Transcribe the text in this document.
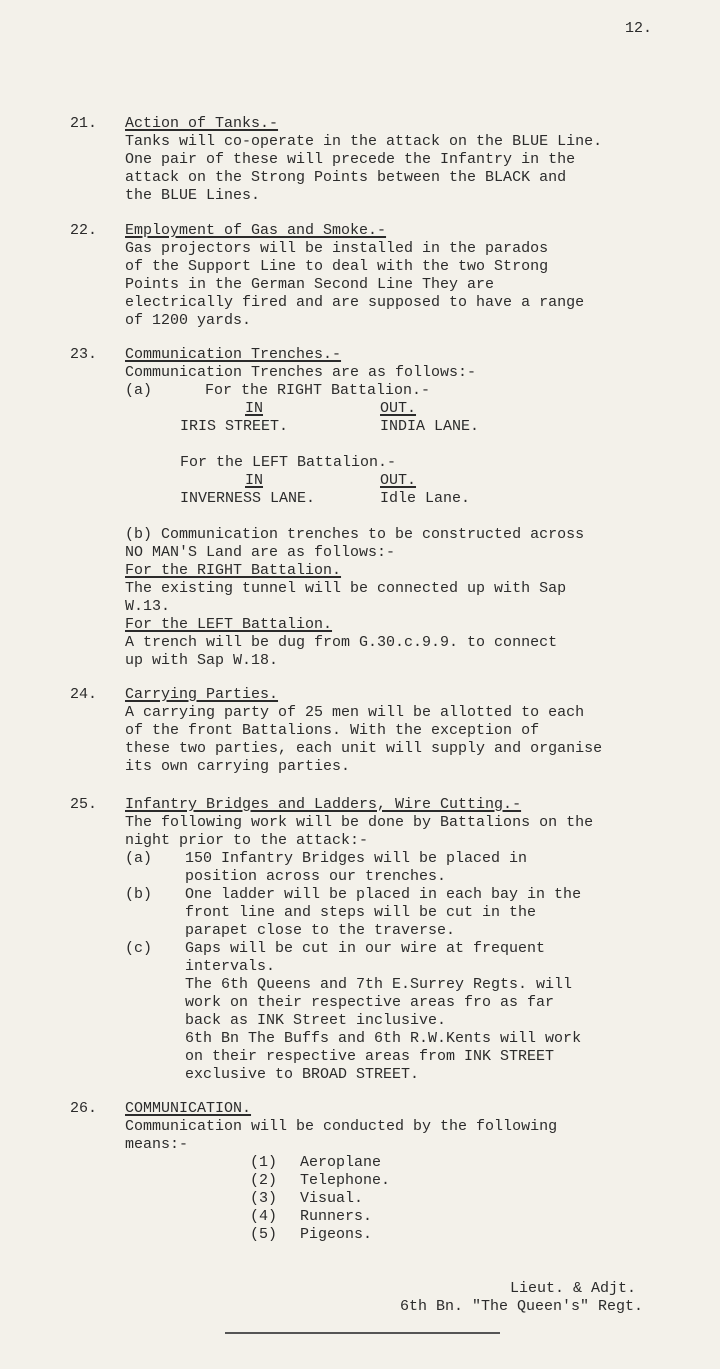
12.
21. Action of Tanks.-
Tanks will co-operate in the attack on the BLUE Line.
One pair of these will precede the Infantry in the
attack on the Strong Points between the BLACK and
the BLUE Lines.
22. Employment of Gas and Smoke.-
Gas projectors will be installed in the parados
of the Support Line to deal with the two Strong
Points in the German Second Line They are
electrically fired and are supposed to have a range
of 1200 yards.
23. Communication Trenches.-
Communication Trenches are as follows:-
(a)	For the RIGHT Battalion.-
IN	OUT.
IRIS STREET.	INDIA LANE.
For the LEFT Battalion.-
IN	OUT.
INVERNESS LANE.	Idle Lane.
(b) Communication trenches to be constructed across
NO MAN'S Land are as follows:-
For the RIGHT Battalion.
The existing tunnel will be connected up with Sap
W.13.
For the LEFT Battalion.
A trench will be dug from G.30.c.9.9. to connect
up with Sap W.18.
24. Carrying Parties.
A carrying party of 25 men will be allotted to each
of the front Battalions. With the exception of
these two parties, each unit will supply and organise
its own carrying parties.
25. Infantry Bridges and Ladders, Wire Cutting.-
The following work will be done by Battalions on the
night prior to the attack:-
(a)	150 Infantry Bridges will be placed in
position across our trenches.
(b)	One ladder will be placed in each bay in the
front line and steps will be cut in the
parapet close to the traverse.
(c)	Gaps will be cut in our wire at frequent
intervals.
The 6th Queens and 7th E.Surrey Regts. will
work on their respective areas fro as far
back as INK Street inclusive.
6th Bn The Buffs and 6th R.W.Kents will work
on their respective areas from INK STREET
exclusive to BROAD STREET.
26. COMMUNICATION.
Communication will be conducted by the following
means:-
(1)	Aeroplane
(2)	Telephone.
(3)	Visual.
(4)	Runners.
(5)	Pigeons.
Lieut. & Adjt.
6th Bn. "The Queen's" Regt.
